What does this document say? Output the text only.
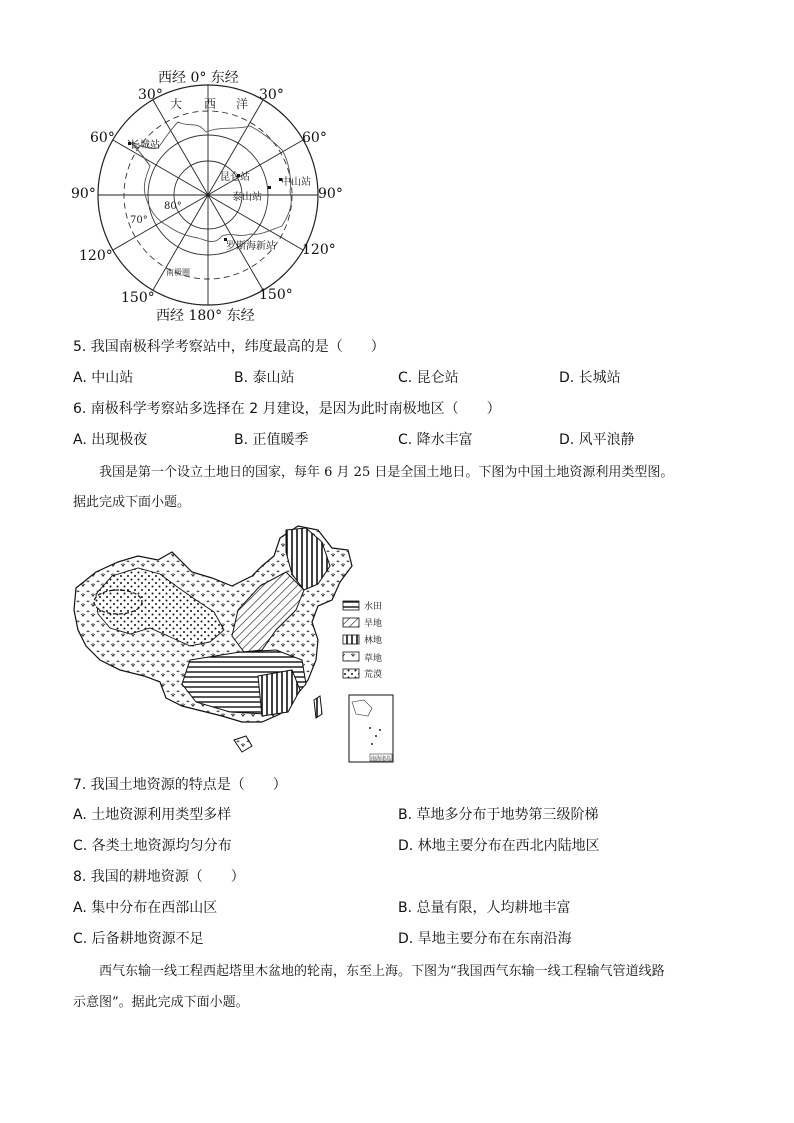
西经 0° 东经
西经 180° 东经
30°	30°
60°	60°
90°	90°
120°	120°
150°	150°
80°
70°
大 西 洋
南极圈
长城站
昆仑站	中山站
泰山站
罗斯海新站
5. 我国南极科学考察站中，纬度最高的是（　　）
A. 中山站	B. 泰山站	C. 昆仑站	D. 长城站
6. 南极科学考察站多选择在 2 月建设，是因为此时南极地区（　　）
A. 出现极夜	B. 正值暖季	C. 降水丰富	D. 风平浪静
我国是第一个设立土地日的国家，每年 6 月 25 日是全国土地日。下图为中国土地资源利用类型图。
据此完成下面小题。
水田
旱地
林地
草地
荒漠
南海诸岛
7. 我国土地资源的特点是（　　）
A. 土地资源利用类型多样	B. 草地多分布于地势第三级阶梯
C. 各类土地资源均匀分布	D. 林地主要分布在西北内陆地区
8. 我国的耕地资源（　　）
A. 集中分布在西部山区	B. 总量有限，人均耕地丰富
C. 后备耕地资源不足	D. 旱地主要分布在东南沿海
西气东输一线工程西起塔里木盆地的轮南，东至上海。下图为“我国西气东输一线工程输气管道线路
示意图”。据此完成下面小题。
